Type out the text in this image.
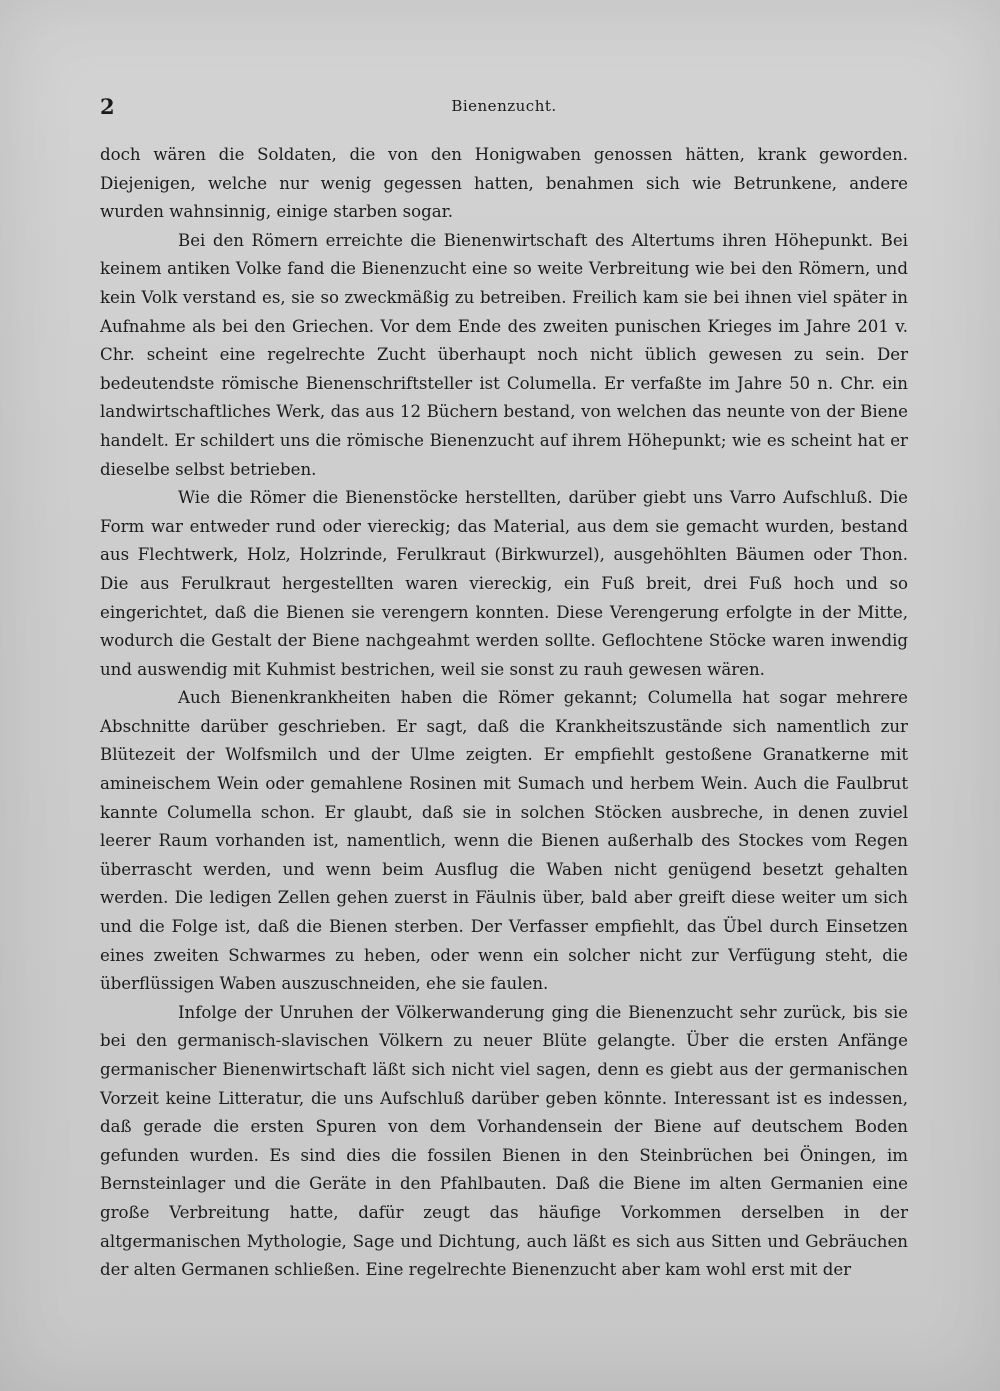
2	Bienenzucht.

doch wären die Soldaten, die von den Honigwaben genossen hätten, krank geworden. Diejenigen, welche nur wenig gegessen hatten, benahmen sich wie Betrunkene, andere wurden wahnsinnig, einige starben sogar.

Bei den Römern erreichte die Bienenwirtschaft des Altertums ihren Höhepunkt. Bei keinem antiken Volke fand die Bienenzucht eine so weite Verbreitung wie bei den Römern, und kein Volk verstand es, sie so zweckmäßig zu betreiben. Freilich kam sie bei ihnen viel später in Aufnahme als bei den Griechen. Vor dem Ende des zweiten punischen Krieges im Jahre 201 v. Chr. scheint eine regelrechte Zucht überhaupt noch nicht üblich gewesen zu sein. Der bedeutendste römische Bienenschriftsteller ist Columella. Er verfaßte im Jahre 50 n. Chr. ein landwirtschaftliches Werk, das aus 12 Büchern bestand, von welchen das neunte von der Biene handelt. Er schildert uns die römische Bienenzucht auf ihrem Höhepunkt; wie es scheint hat er dieselbe selbst betrieben.

Wie die Römer die Bienenstöcke herstellten, darüber giebt uns Varro Aufschluß. Die Form war entweder rund oder viereckig; das Material, aus dem sie gemacht wurden, bestand aus Flechtwerk, Holz, Holzrinde, Ferulkraut (Birkwurzel), ausgehöhlten Bäumen oder Thon. Die aus Ferulkraut hergestellten waren viereckig, ein Fuß breit, drei Fuß hoch und so eingerichtet, daß die Bienen sie verengern konnten. Diese Verengerung erfolgte in der Mitte, wodurch die Gestalt der Biene nachgeahmt werden sollte. Geflochtene Stöcke waren inwendig und auswendig mit Kuhmist bestrichen, weil sie sonst zu rauh gewesen wären.

Auch Bienenkrankheiten haben die Römer gekannt; Columella hat sogar mehrere Abschnitte darüber geschrieben. Er sagt, daß die Krankheitszustände sich namentlich zur Blütezeit der Wolfsmilch und der Ulme zeigten. Er empfiehlt gestoßene Granatkerne mit amineischem Wein oder gemahlene Rosinen mit Sumach und herbem Wein. Auch die Faulbrut kannte Columella schon. Er glaubt, daß sie in solchen Stöcken ausbreche, in denen zuviel leerer Raum vorhanden ist, namentlich, wenn die Bienen außerhalb des Stockes vom Regen überrascht werden, und wenn beim Ausflug die Waben nicht genügend besetzt gehalten werden. Die ledigen Zellen gehen zuerst in Fäulnis über, bald aber greift diese weiter um sich und die Folge ist, daß die Bienen sterben. Der Verfasser empfiehlt, das Übel durch Einsetzen eines zweiten Schwarmes zu heben, oder wenn ein solcher nicht zur Verfügung steht, die überflüssigen Waben auszuschneiden, ehe sie faulen.

Infolge der Unruhen der Völkerwanderung ging die Bienenzucht sehr zurück, bis sie bei den germanisch-slavischen Völkern zu neuer Blüte gelangte. Über die ersten Anfänge germanischer Bienenwirtschaft läßt sich nicht viel sagen, denn es giebt aus der germanischen Vorzeit keine Litteratur, die uns Aufschluß darüber geben könnte. Interessant ist es indessen, daß gerade die ersten Spuren von dem Vorhandensein der Biene auf deutschem Boden gefunden wurden. Es sind dies die fossilen Bienen in den Steinbrüchen bei Öningen, im Bernsteinlager und die Geräte in den Pfahlbauten. Daß die Biene im alten Germanien eine große Verbreitung hatte, dafür zeugt das häufige Vorkommen derselben in der altgermanischen Mythologie, Sage und Dichtung, auch läßt es sich aus Sitten und Gebräuchen der alten Germanen schließen. Eine regelrechte Bienenzucht aber kam wohl erst mit der
